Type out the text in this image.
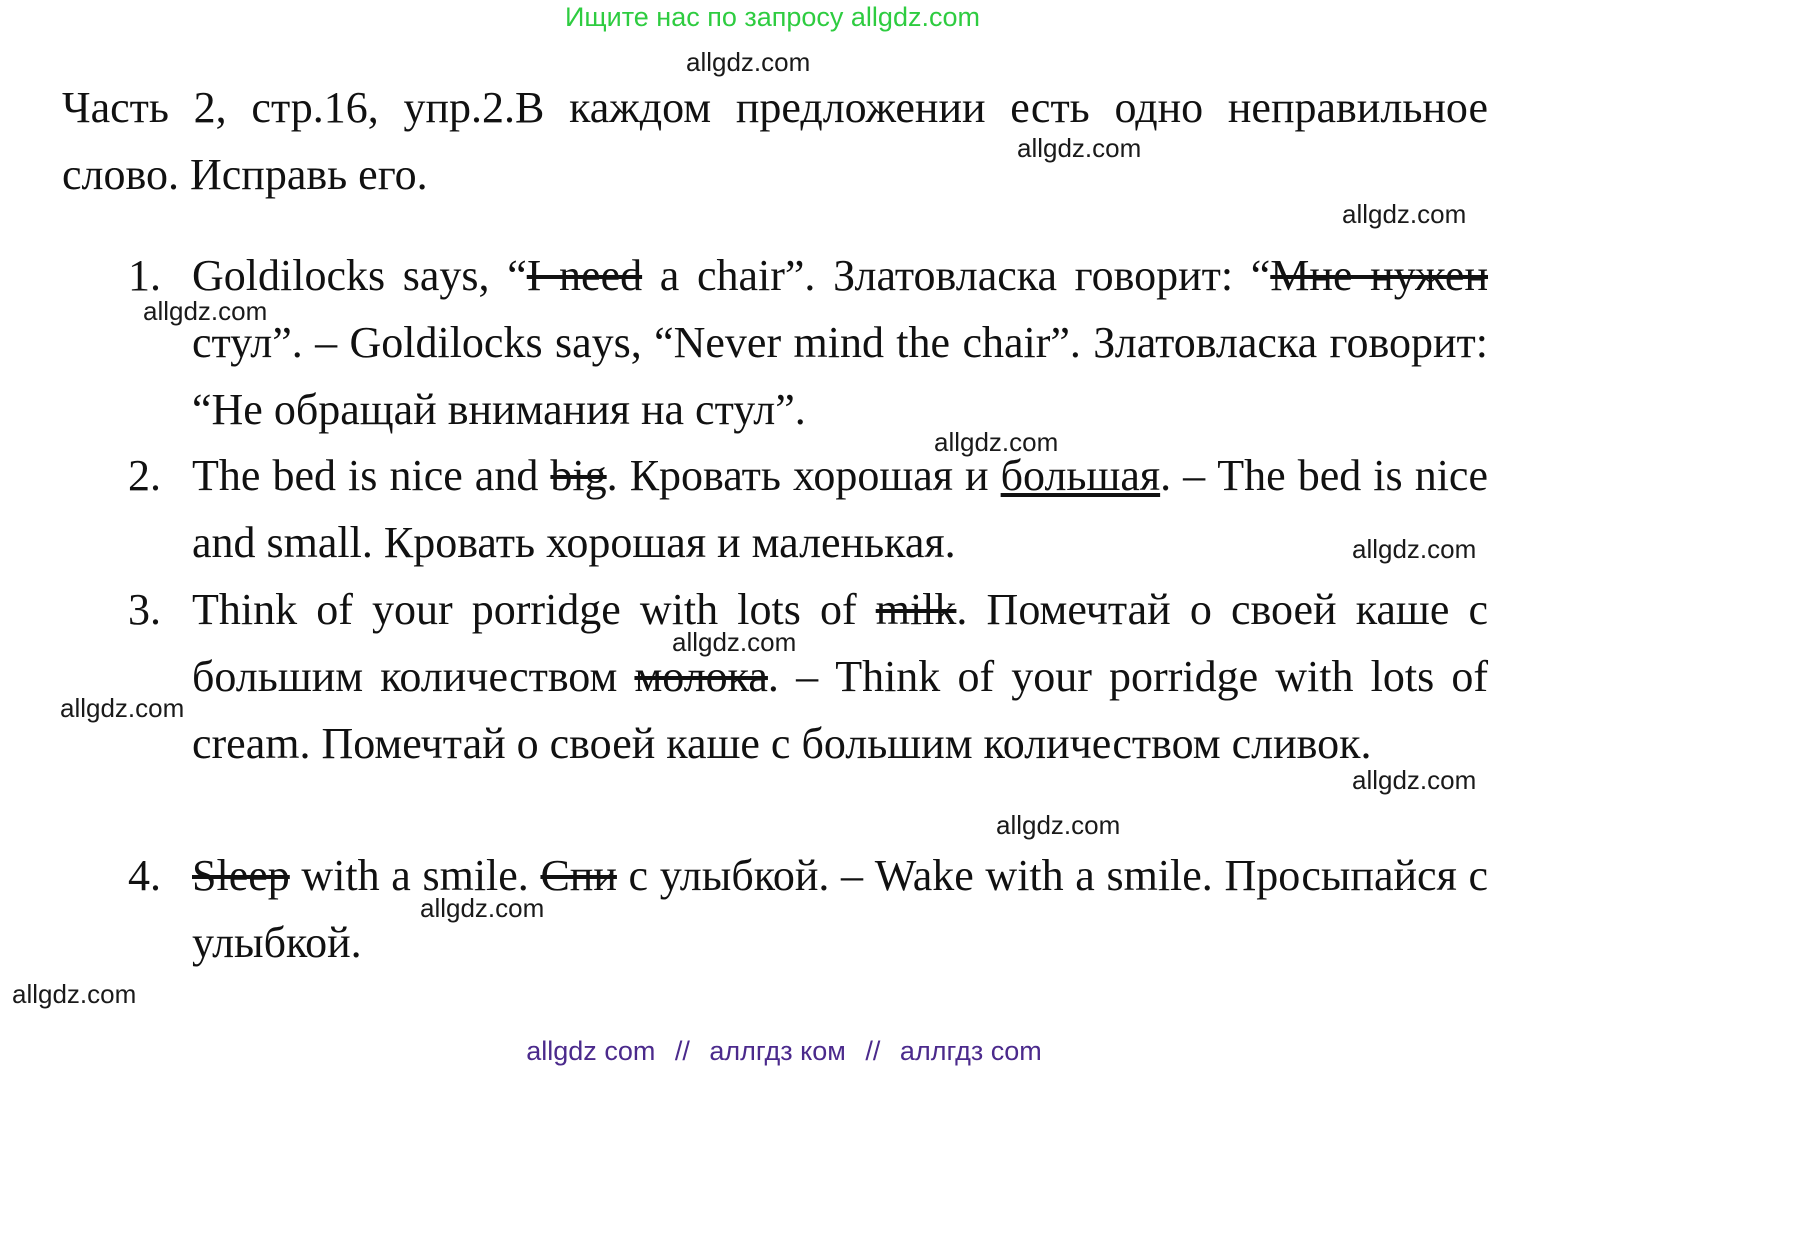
Ищите нас по запросу allgdz.com
Часть 2, стр.16, упр.2.В каждом предложении есть одно неправильное слово. Исправь его.
1. Goldilocks says, “I need a chair”. Златовласка говорит: “Мне нужен стул”. – Goldilocks says, “Never mind the chair”. Златовласка говорит: “Не обращай внимания на стул”.
2. The bed is nice and big. Кровать хорошая и большая. – The bed is nice and small. Кровать хорошая и маленькая.
3. Think of your porridge with lots of milk. Помечтай о своей каше с большим количеством молока. – Think of your porridge with lots of cream. Помечтай о своей каше с большим количеством сливок.
4. Sleep with a smile. Спи с улыбкой. – Wake with a smile. Просыпайся с улыбкой.
allgdz.com
allgdz.com
allgdz.com
allgdz.com
allgdz.com
allgdz.com
allgdz.com
allgdz.com
allgdz.com
allgdz.com
allgdz.com
allgdz.com
allgdz com // аллгдз ком // аллгдз com
